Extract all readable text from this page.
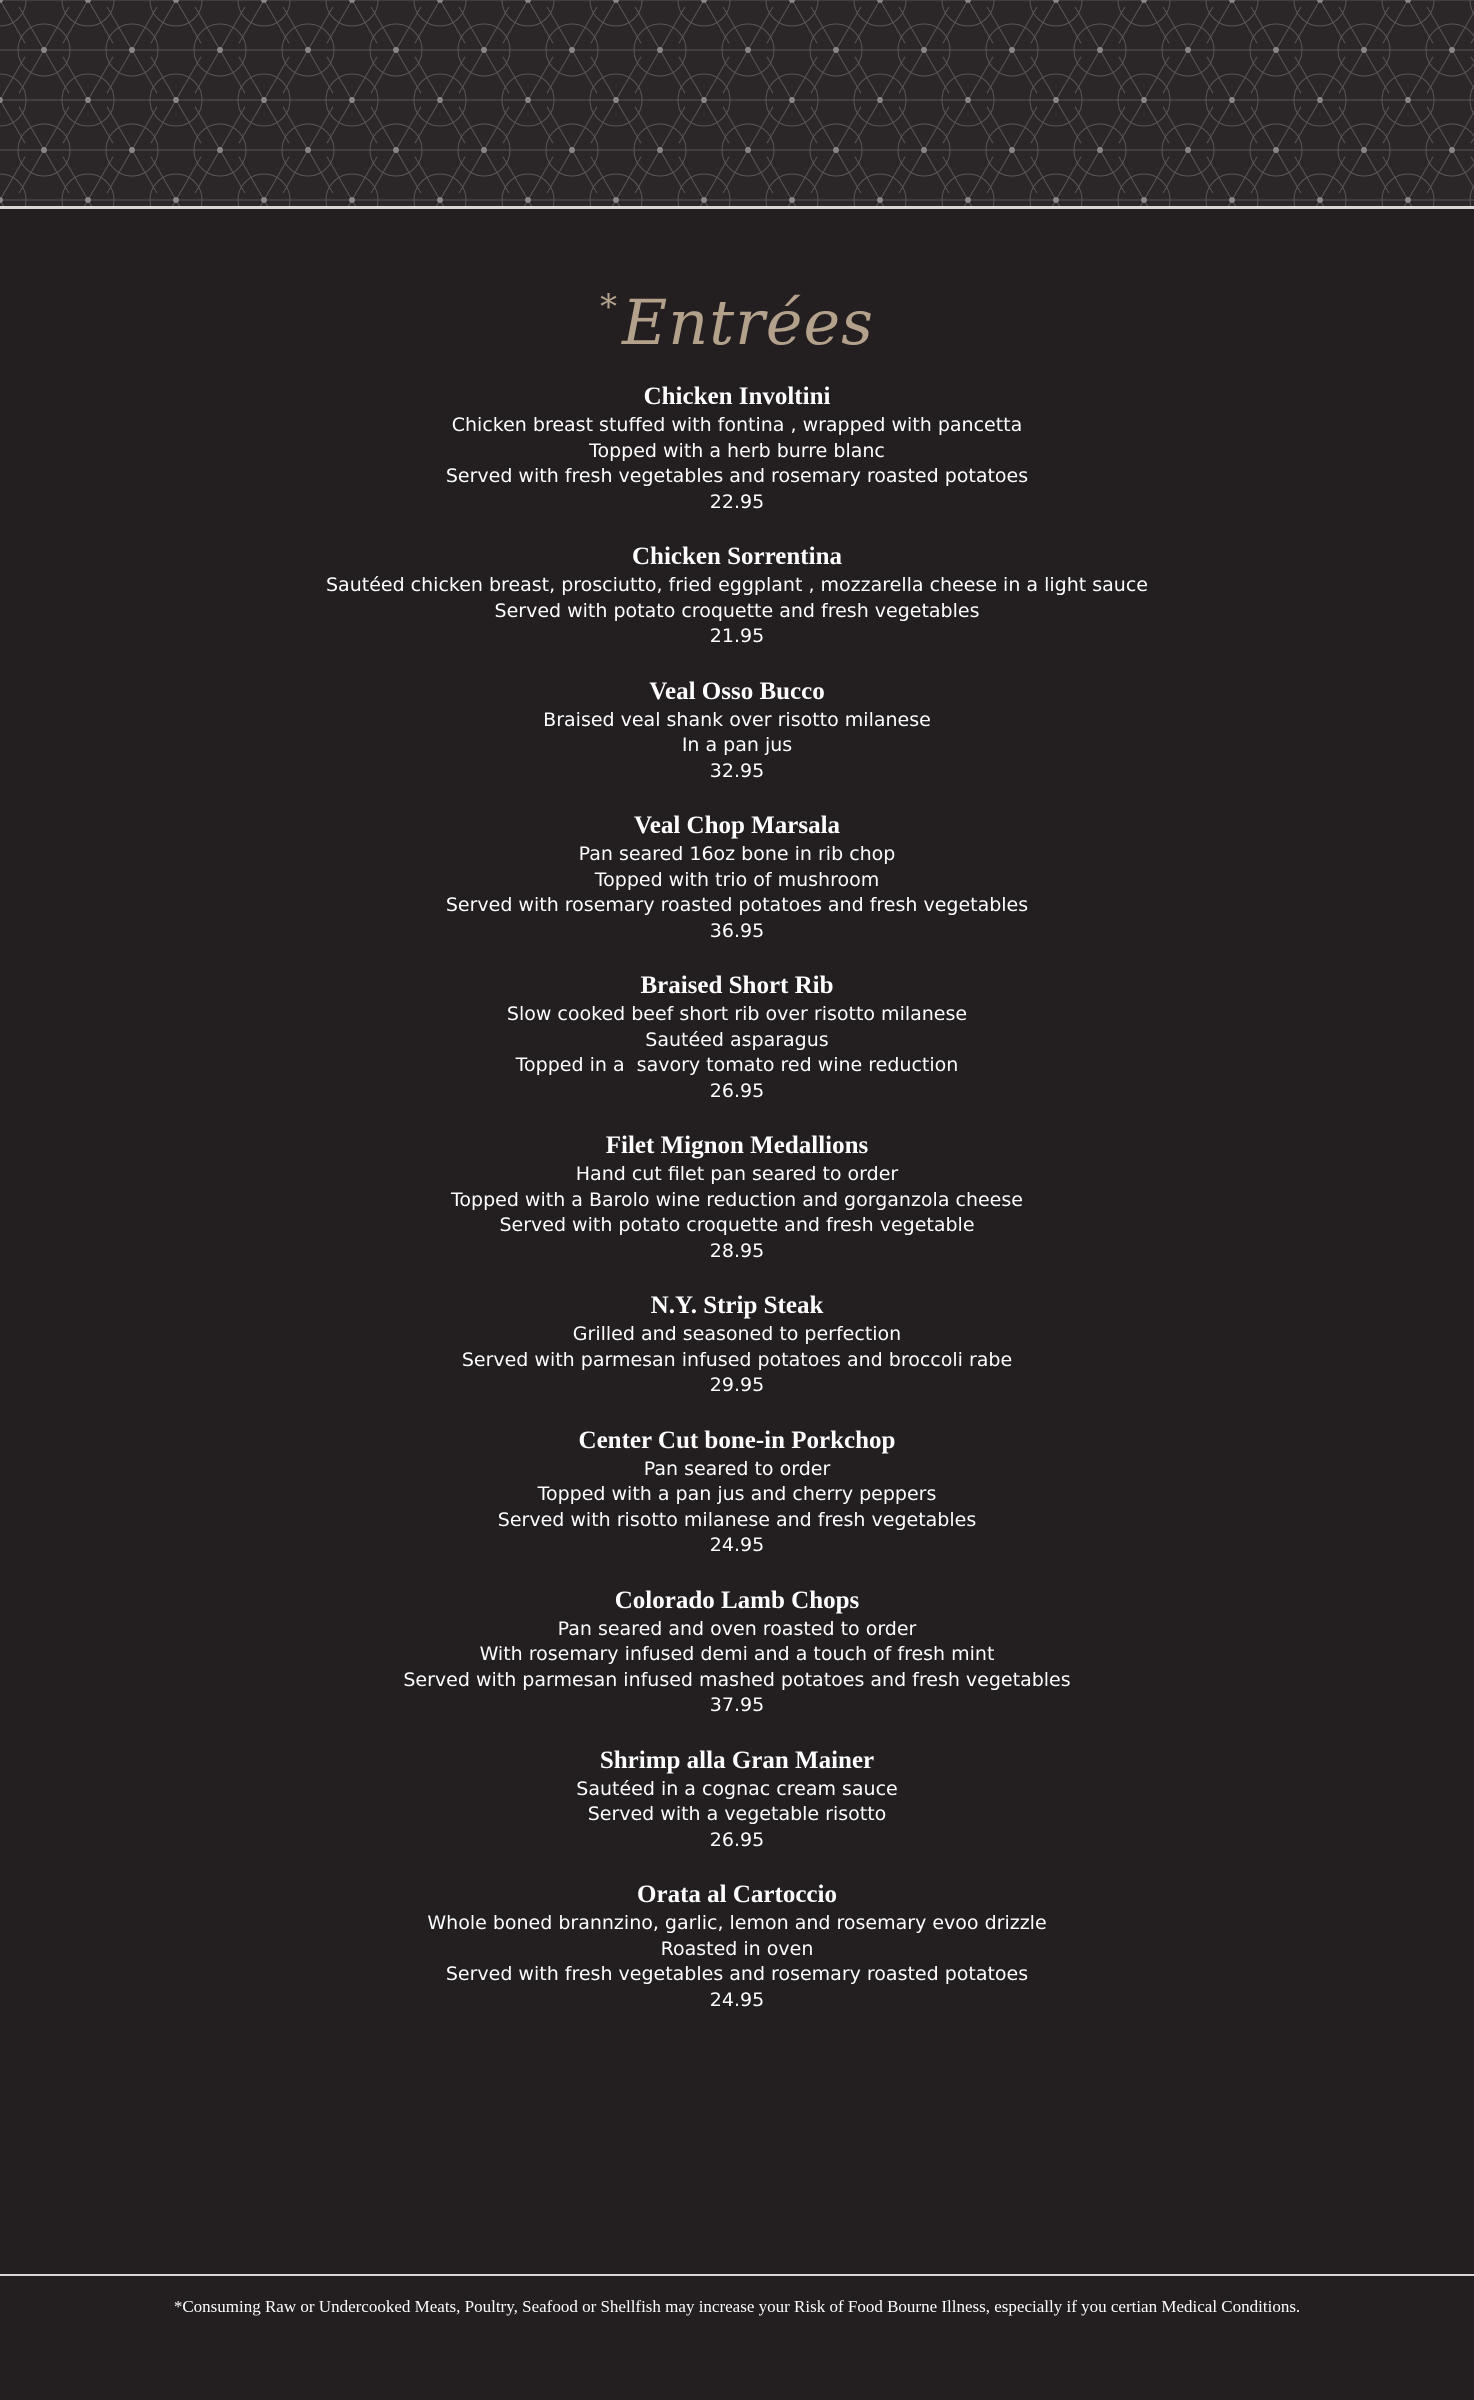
*Entrées
Chicken Involtini
Chicken breast stuffed with fontina , wrapped with pancetta
Topped with a herb burre blanc
Served with fresh vegetables and rosemary roasted potatoes
22.95
Chicken Sorrentina
Sautéed chicken breast, prosciutto, fried eggplant , mozzarella cheese in a light sauce
Served with potato croquette and fresh vegetables
21.95
Veal Osso Bucco
Braised veal shank over risotto milanese
In a pan jus
32.95
Veal Chop Marsala
Pan seared 16oz bone in rib chop
Topped with trio of mushroom
Served with rosemary roasted potatoes and fresh vegetables
36.95
Braised Short Rib
Slow cooked beef short rib over risotto milanese
Sautéed asparagus
Topped in a  savory tomato red wine reduction
26.95
Filet Mignon Medallions
Hand cut filet pan seared to order
Topped with a Barolo wine reduction and gorganzola cheese
Served with potato croquette and fresh vegetable
28.95
N.Y. Strip Steak
Grilled and seasoned to perfection
Served with parmesan infused potatoes and broccoli rabe
29.95
Center Cut bone-in Porkchop
Pan seared to order
Topped with a pan jus and cherry peppers
Served with risotto milanese and fresh vegetables
24.95
Colorado Lamb Chops
Pan seared and oven roasted to order
With rosemary infused demi and a touch of fresh mint
Served with parmesan infused mashed potatoes and fresh vegetables
37.95
Shrimp alla Gran Mainer
Sautéed in a cognac cream sauce
Served with a vegetable risotto
26.95
Orata al Cartoccio
Whole boned brannzino, garlic, lemon and rosemary evoo drizzle
Roasted in oven
Served with fresh vegetables and rosemary roasted potatoes
24.95
*Consuming Raw or Undercooked Meats, Poultry, Seafood or Shellfish may increase your Risk of Food Bourne Illness, especially if you certian Medical Conditions.
